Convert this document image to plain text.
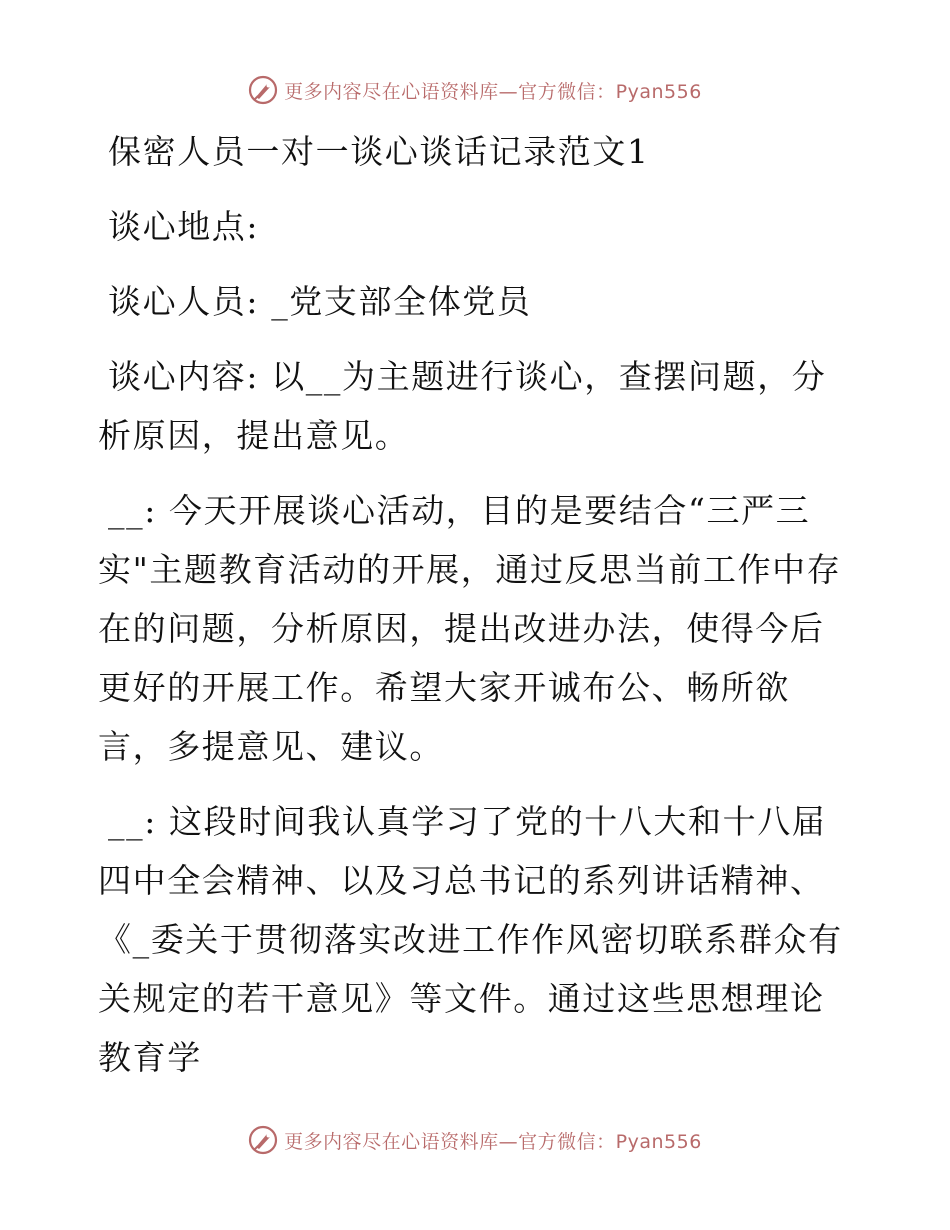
更多内容尽在心语资料库—官方微信：Pyan556

保密人员一对一谈心谈话记录范文1

谈心地点:

谈心人员: _党支部全体党员

谈心内容: 以__为主题进行谈心，查摆问题，分析原因，提出意见。

__: 今天开展谈心活动，目的是要结合“三严三实"主题教育活动的开展，通过反思当前工作中存在的问题，分析原因，提出改进办法，使得今后更好的开展工作。希望大家开诚布公、畅所欲言，多提意见、建议。

__: 这段时间我认真学习了党的十八大和十八届四中全会精神、以及习总书记的系列讲话精神、《_委关于贯彻落实改进工作作风密切联系群众有关规定的若干意见》等文件。通过这些思想理论教育学

更多内容尽在心语资料库—官方微信：Pyan556
